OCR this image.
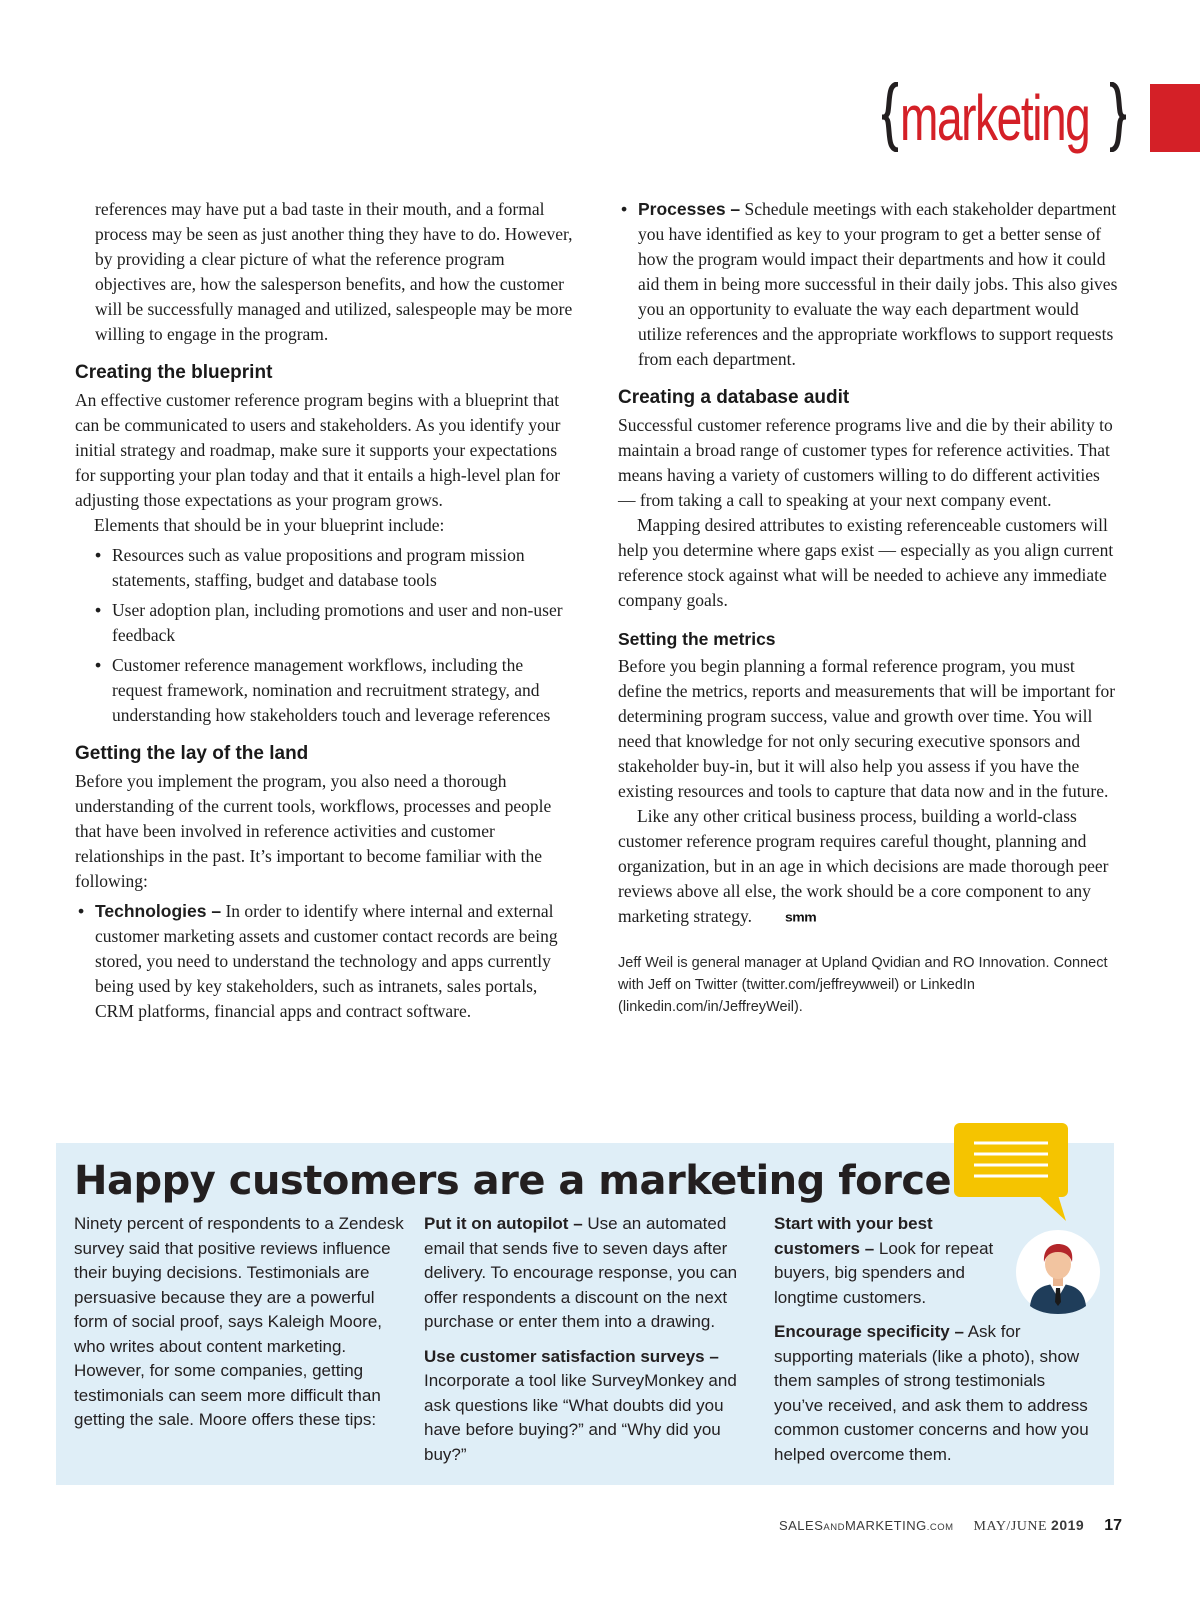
marketing

references may have put a bad taste in their mouth, and a formal process may be seen as just another thing they have to do. However, by providing a clear picture of what the reference program objectives are, how the salesperson benefits, and how the customer will be successfully managed and utilized, salespeople may be more willing to engage in the program.

Creating the blueprint

An effective customer reference program begins with a blueprint that can be communicated to users and stakeholders. As you identify your initial strategy and roadmap, make sure it supports your expectations for supporting your plan today and that it entails a high-level plan for adjusting those expectations as your program grows.

Elements that should be in your blueprint include:

• Resources such as value propositions and program mission statements, staffing, budget and database tools
• User adoption plan, including promotions and user and non-user feedback
• Customer reference management workflows, including the request framework, nomination and recruitment strategy, and understanding how stakeholders touch and leverage references
Getting the lay of the land

Before you implement the program, you also need a thorough understanding of the current tools, workflows, processes and people that have been involved in reference activities and customer relationships in the past. It’s important to become familiar with the following:

• Technologies – In order to identify where internal and external customer marketing assets and customer contact records are being stored, you need to understand the technology and apps currently being used by key stakeholders, such as intranets, sales portals, CRM platforms, financial apps and contract software.
• Processes – Schedule meetings with each stakeholder department you have identified as key to your program to get a better sense of how the program would impact their departments and how it could aid them in being more successful in their daily jobs. This also gives you an opportunity to evaluate the way each department would utilize references and the appropriate workflows to support requests from each department.
Creating a database audit

Successful customer reference programs live and die by their ability to maintain a broad range of customer types for reference activities. That means having a variety of customers willing to do different activities — from taking a call to speaking at your next company event.

Mapping desired attributes to existing referenceable customers will help you determine where gaps exist — especially as you align current reference stock against what will be needed to achieve any immediate company goals.

Setting the metrics

Before you begin planning a formal reference program, you must define the metrics, reports and measurements that will be important for determining program success, value and growth over time. You will need that knowledge for not only securing executive sponsors and stakeholder buy-in, but it will also help you assess if you have the existing resources and tools to capture that data now and in the future.

Like any other critical business process, building a world-class customer reference program requires careful thought, planning and organization, but in an age in which decisions are made thorough peer reviews above all else, the work should be a core component to any marketing strategy. smm

Jeff Weil is general manager at Upland Qvidian and RO Innovation. Connect with Jeff on Twitter (twitter.com/jeffreywweil) or LinkedIn (linkedin.com/in/JeffreyWeil).

Happy customers are a marketing force

Ninety percent of respondents to a Zendesk survey said that positive reviews influence their buying decisions. Testimonials are persuasive because they are a powerful form of social proof, says Kaleigh Moore, who writes about content marketing. However, for some companies, getting testimonials can seem more difficult than getting the sale. Moore offers these tips:

Put it on autopilot – Use an automated email that sends five to seven days after delivery. To encourage response, you can offer respondents a discount on the next purchase or enter them into a drawing.

Use customer satisfaction surveys – Incorporate a tool like SurveyMonkey and ask questions like “What doubts did you have before buying?” and “Why did you buy?”

Start with your best customers – Look for repeat buyers, big spenders and longtime customers.

Encourage specificity – Ask for supporting materials (like a photo), show them samples of strong testimonials you’ve received, and ask them to address common customer concerns and how you helped overcome them.

SALESANDMARKETING.COM MAY/JUNE 2019 17
